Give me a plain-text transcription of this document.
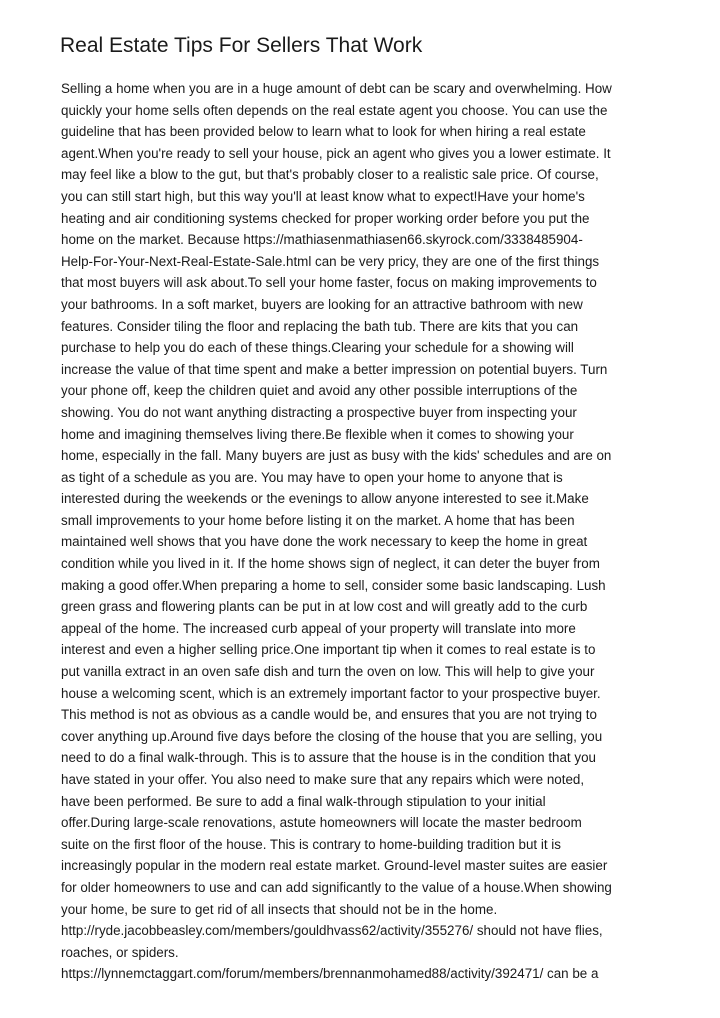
Real Estate Tips For Sellers That Work
Selling a home when you are in a huge amount of debt can be scary and overwhelming. How
quickly your home sells often depends on the real estate agent you choose. You can use the
guideline that has been provided below to learn what to look for when hiring a real estate
agent.When you're ready to sell your house, pick an agent who gives you a lower estimate. It
may feel like a blow to the gut, but that's probably closer to a realistic sale price. Of course,
you can still start high, but this way you'll at least know what to expect!Have your home's
heating and air conditioning systems checked for proper working order before you put the
home on the market. Because https://mathiasenmathiasen66.skyrock.com/3338485904-
Help-For-Your-Next-Real-Estate-Sale.html can be very pricy, they are one of the first things
that most buyers will ask about.To sell your home faster, focus on making improvements to
your bathrooms. In a soft market, buyers are looking for an attractive bathroom with new
features. Consider tiling the floor and replacing the bath tub. There are kits that you can
purchase to help you do each of these things.Clearing your schedule for a showing will
increase the value of that time spent and make a better impression on potential buyers. Turn
your phone off, keep the children quiet and avoid any other possible interruptions of the
showing. You do not want anything distracting a prospective buyer from inspecting your
home and imagining themselves living there.Be flexible when it comes to showing your
home, especially in the fall. Many buyers are just as busy with the kids' schedules and are on
as tight of a schedule as you are. You may have to open your home to anyone that is
interested during the weekends or the evenings to allow anyone interested to see it.Make
small improvements to your home before listing it on the market. A home that has been
maintained well shows that you have done the work necessary to keep the home in great
condition while you lived in it. If the home shows sign of neglect, it can deter the buyer from
making a good offer.When preparing a home to sell, consider some basic landscaping. Lush
green grass and flowering plants can be put in at low cost and will greatly add to the curb
appeal of the home. The increased curb appeal of your property will translate into more
interest and even a higher selling price.One important tip when it comes to real estate is to
put vanilla extract in an oven safe dish and turn the oven on low. This will help to give your
house a welcoming scent, which is an extremely important factor to your prospective buyer.
This method is not as obvious as a candle would be, and ensures that you are not trying to
cover anything up.Around five days before the closing of the house that you are selling, you
need to do a final walk-through. This is to assure that the house is in the condition that you
have stated in your offer. You also need to make sure that any repairs which were noted,
have been performed. Be sure to add a final walk-through stipulation to your initial
offer.During large-scale renovations, astute homeowners will locate the master bedroom
suite on the first floor of the house. This is contrary to home-building tradition but it is
increasingly popular in the modern real estate market. Ground-level master suites are easier
for older homeowners to use and can add significantly to the value of a house.When showing
your home, be sure to get rid of all insects that should not be in the home.
http://ryde.jacobbeasley.com/members/gouldhvass62/activity/355276/ should not have flies,
roaches, or spiders.
https://lynnemctaggart.com/forum/members/brennanmohamed88/activity/392471/ can be a
